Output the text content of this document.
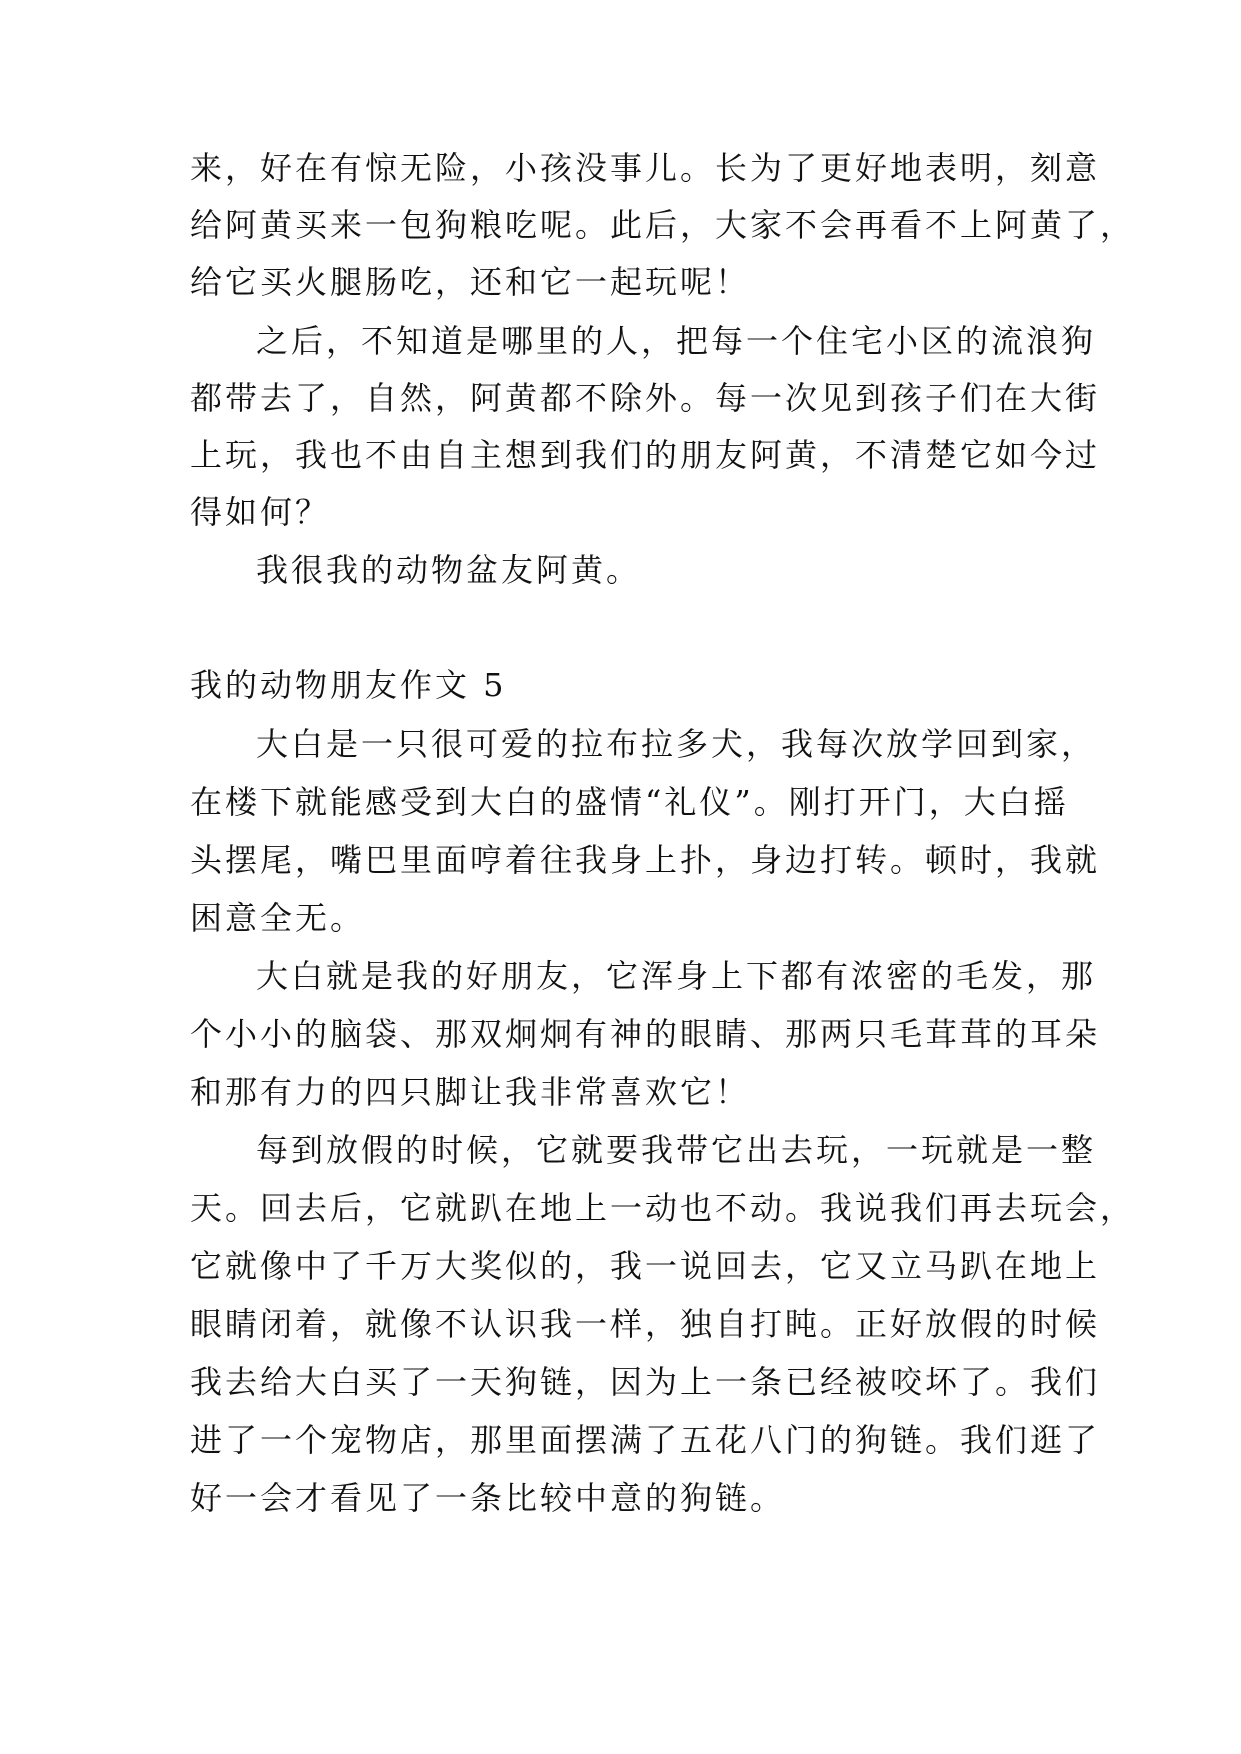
来，好在有惊无险，小孩没事儿。长为了更好地表明，刻意
给阿黄买来一包狗粮吃呢。此后，大家不会再看不上阿黄了，
给它买火腿肠吃，还和它一起玩呢！
之后，不知道是哪里的人，把每一个住宅小区的流浪狗
都带去了，自然，阿黄都不除外。每一次见到孩子们在大街
上玩，我也不由自主想到我们的朋友阿黄，不清楚它如今过
得如何？
我很我的动物盆友阿黄。
我的动物朋友作文 5
大白是一只很可爱的拉布拉多犬，我每次放学回到家，
在楼下就能感受到大白的盛情“礼仪”。刚打开门，大白摇
头摆尾，嘴巴里面哼着往我身上扑，身边打转。顿时，我就
困意全无。
大白就是我的好朋友，它浑身上下都有浓密的毛发，那
个小小的脑袋、那双炯炯有神的眼睛、那两只毛茸茸的耳朵
和那有力的四只脚让我非常喜欢它！
每到放假的时候，它就要我带它出去玩，一玩就是一整
天。回去后，它就趴在地上一动也不动。我说我们再去玩会，
它就像中了千万大奖似的，我一说回去，它又立马趴在地上
眼睛闭着，就像不认识我一样，独自打盹。正好放假的时候
我去给大白买了一天狗链，因为上一条已经被咬坏了。我们
进了一个宠物店，那里面摆满了五花八门的狗链。我们逛了
好一会才看见了一条比较中意的狗链。
